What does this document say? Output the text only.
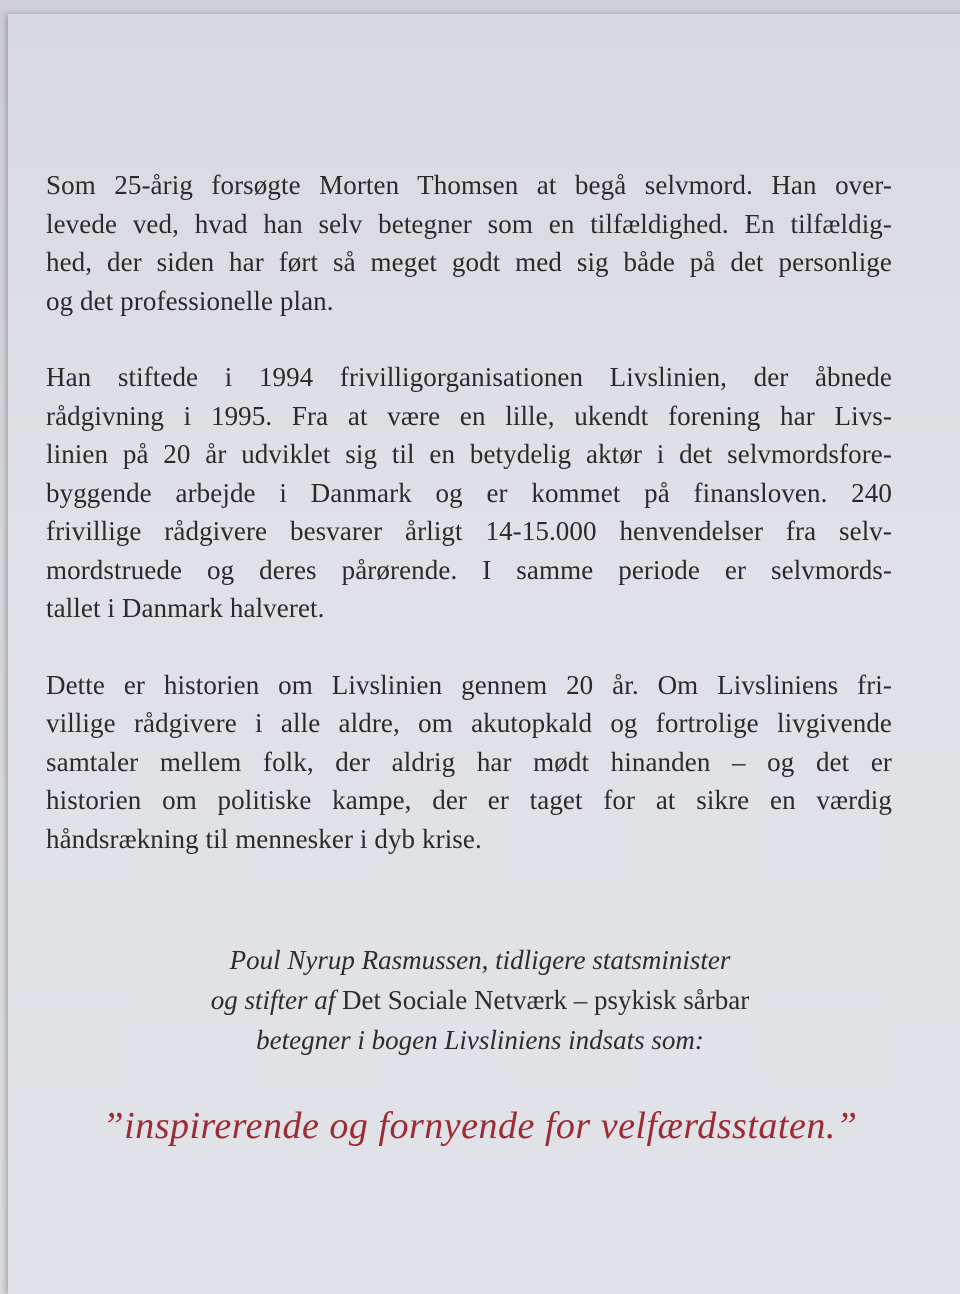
Som 25-årig forsøgte Morten Thomsen at begå selvmord. Han over-
levede ved, hvad han selv betegner som en tilfældighed. En tilfældig-
hed, der siden har ført så meget godt med sig både på det personlige
og det professionelle plan.
Han stiftede i 1994 frivilligorganisationen Livslinien, der åbnede
rådgivning i 1995. Fra at være en lille, ukendt forening har Livs-
linien på 20 år udviklet sig til en betydelig aktør i det selvmordsfore-
byggende arbejde i Danmark og er kommet på finansloven. 240
frivillige rådgivere besvarer årligt 14-15.000 henvendelser fra selv-
mordstruede og deres pårørende. I samme periode er selvmords-
tallet i Danmark halveret.
Dette er historien om Livslinien gennem 20 år. Om Livsliniens fri-
villige rådgivere i alle aldre, om akutopkald og fortrolige livgivende
samtaler mellem folk, der aldrig har mødt hinanden – og det er
historien om politiske kampe, der er taget for at sikre en værdig
håndsrækning til mennesker i dyb krise.
Poul Nyrup Rasmussen, tidligere statsminister
og stifter af Det Sociale Netværk – psykisk sårbar
betegner i bogen Livsliniens indsats som:
”inspirerende og fornyende for velfærdsstaten.”
